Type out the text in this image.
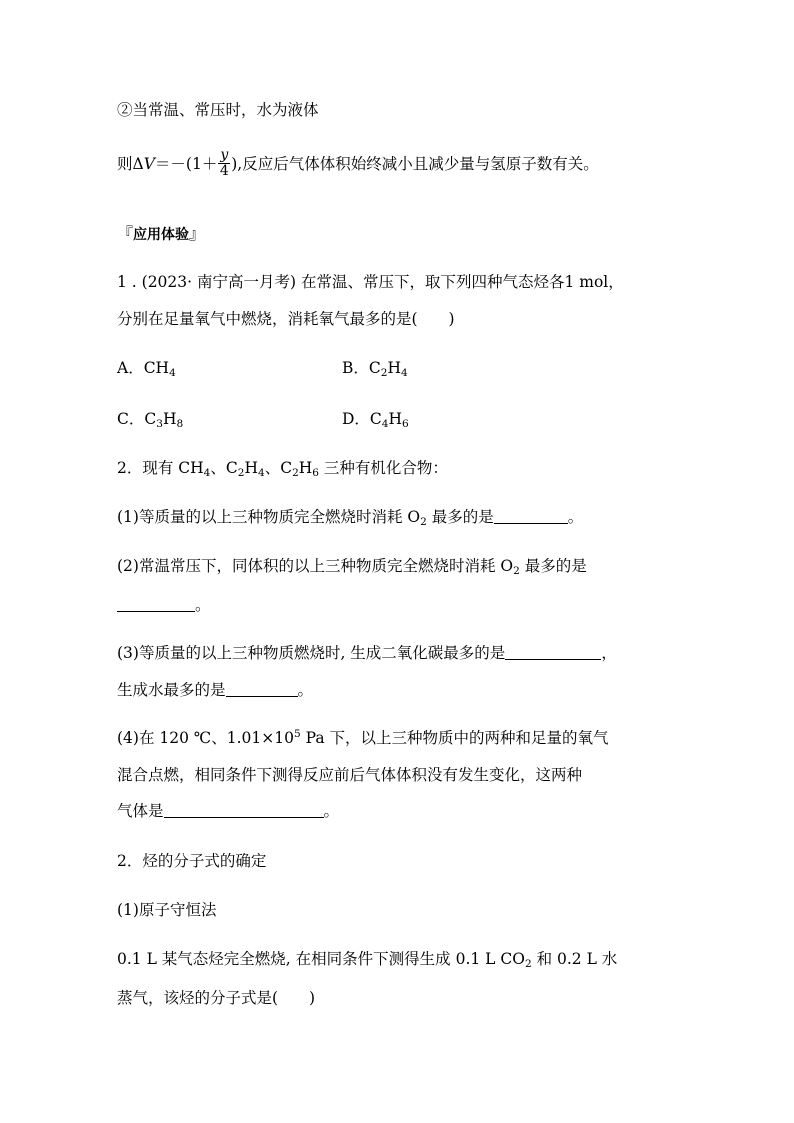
②当常温、常压时，水为液体
则$\Delta V=-(1+ \frac{y}{4}$ ),反应后气体体积始终减小且减少量与氢原子数有关。
『应用体验』
1 . (2023· 南宁高一月考) 在常温、常压下，取下列四种气态烃各1 mol，
分别在足量氧气中燃烧，消耗氧气最多的是(　　)
A．$CH_4$	B．$C_2H_4$
C．$C_3H_8$	D．$C_4H_6$
2．现有 $CH_4$、$C_2H_4$、$C_2H_6$ 三种有机化合物：
(1)等质量的以上三种物质完全燃烧时消耗 $O_2$ 最多的是	。
(2)常温常压下，同体积的以上三种物质完全燃烧时消耗 $O_2$ 最多的是
。
(3)等质量的以上三种物质燃烧时, 生成二氧化碳最多的是	，
生成水最多的是	。
(4)在 120 ℃、$1.01\times 10^5$ Pa 下，以上三种物质中的两种和足量的氧气
混合点燃，相同条件下测得反应前后气体体积没有发生变化，这两种
气体是	。
2．烃的分子式的确定
(1)原子守恒法
0.1 L 某气态烃完全燃烧, 在相同条件下测得生成 0.1 L $CO_2$ 和 0.2 L 水
蒸气，该烃的分子式是(　　)
